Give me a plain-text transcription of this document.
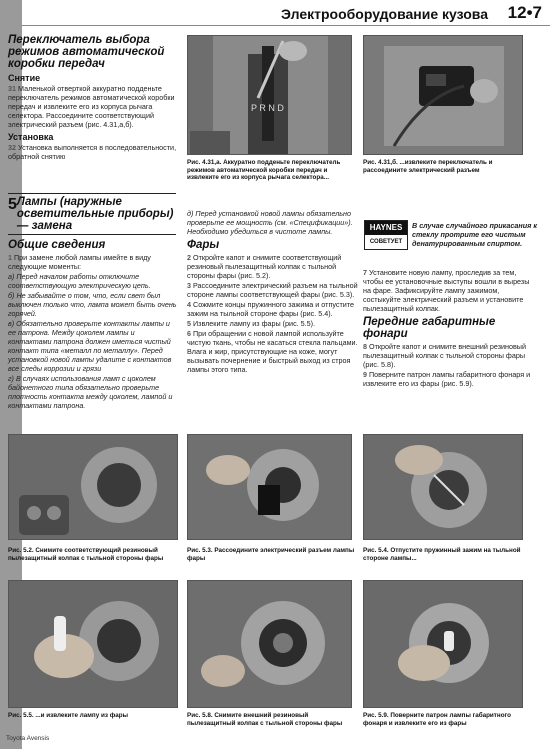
Электрооборудование кузова 12•7
Переключатель выбора режимов автоматической коробки передач
Снятие

31 Маленькой отверткой аккуратно подденьте переключатель режимов автоматической коробки передач и извлеките его из корпуса рычага селектора. Рассоедините соответствующий электрический разъем (рис. 4.31,а,б).

Установка

32 Установка выполняется в последовательности, обратной снятию

5 Лампы (наружные осветительные приборы) — замена
Общие сведения

1 При замене любой лампы имейте в виду следующие моменты:

а) Перед началом работы отключите соответствующую электрическую цепь.

б) Не забывайте о том, что, если свет был выключен только что, лампа может быть очень горячей.

в) Обязательно проверьте контакты лампы и ее патрона. Между цоколем лампы и контактами патрона должен иметься чистый контакт типа «металл по металлу». Перед установкой новой лампы удалите с контактов все следы коррозии и грязи

г) В случаях использования ламп с цоколем байонетного типа обязательно проверьте плотность контакта между цоколем, лампой и контактами патрона.

P R N D
Рис. 4.31,а. Аккуратно подденьте переключатель режимов автоматической коробки передач и извлеките его из корпуса рычага селектора...
Рис. 4.31,б. ...извлеките переключатель и рассоедините электрический разъем

д) Перед установкой новой лампы обязательно проверьте ее мощность (см. «Спецификации»). Необходимо убедиться в чистоте лампы.

Фары

2 Откройте капот и снимите соответствующий резиновый пылезащитный колпак с тыльной стороны фары (рис. 5.2).

3 Рассоедините электрический разъем на тыльной стороне лампы соответствующей фары (рис. 5.3).

4 Сожмите концы пружинного зажима и отпустите зажим на тыльной стороне фары (рис. 5.4).

5 Извлеките лампу из фары (рис. 5.5).

6 При обращении с новой лампой используйте чистую ткань, чтобы не касаться стекла пальцами. Влага и жир, присутствующие на коже, могут вызывать почернение и быстрый выход из строя лампы этого типа.

HAYNES
СОВЕТУЕТ
В случае случайного прикасания к стеклу протрите его чистым денатурированным спиртом.

7 Установите новую лампу, проследив за тем, чтобы ее установочные выступы вошли в вырезы на фаре. Зафиксируйте лампу зажимом, состыкуйте электрический разъем и установите пылезащитный колпак.

Передние габаритные фонари

8 Откройте капот и снимите внешний резиновый пылезащитный колпак с тыльной стороны фары (рис. 5.8).

9 Поверните патрон лампы габаритного фонаря и извлеките его из фары (рис. 5.9).

Рис. 5.2. Снимите соответствующий резиновый пылезащитный колпак с тыльной стороны фары
Рис. 5.3. Рассоедините электрический разъем лампы фары
Рис. 5.4. Отпустите пружинный зажим на тыльной стороне лампы...
Рис. 5.5. ...и извлеките лампу из фары	Рис. 5.8. Снимите внешний резиновый пылезащитный колпак с тыльной стороны фары
Рис. 5.9. Поверните патрон лампы габаритного фонаря и извлеките его из фары
Toyota Avensis
